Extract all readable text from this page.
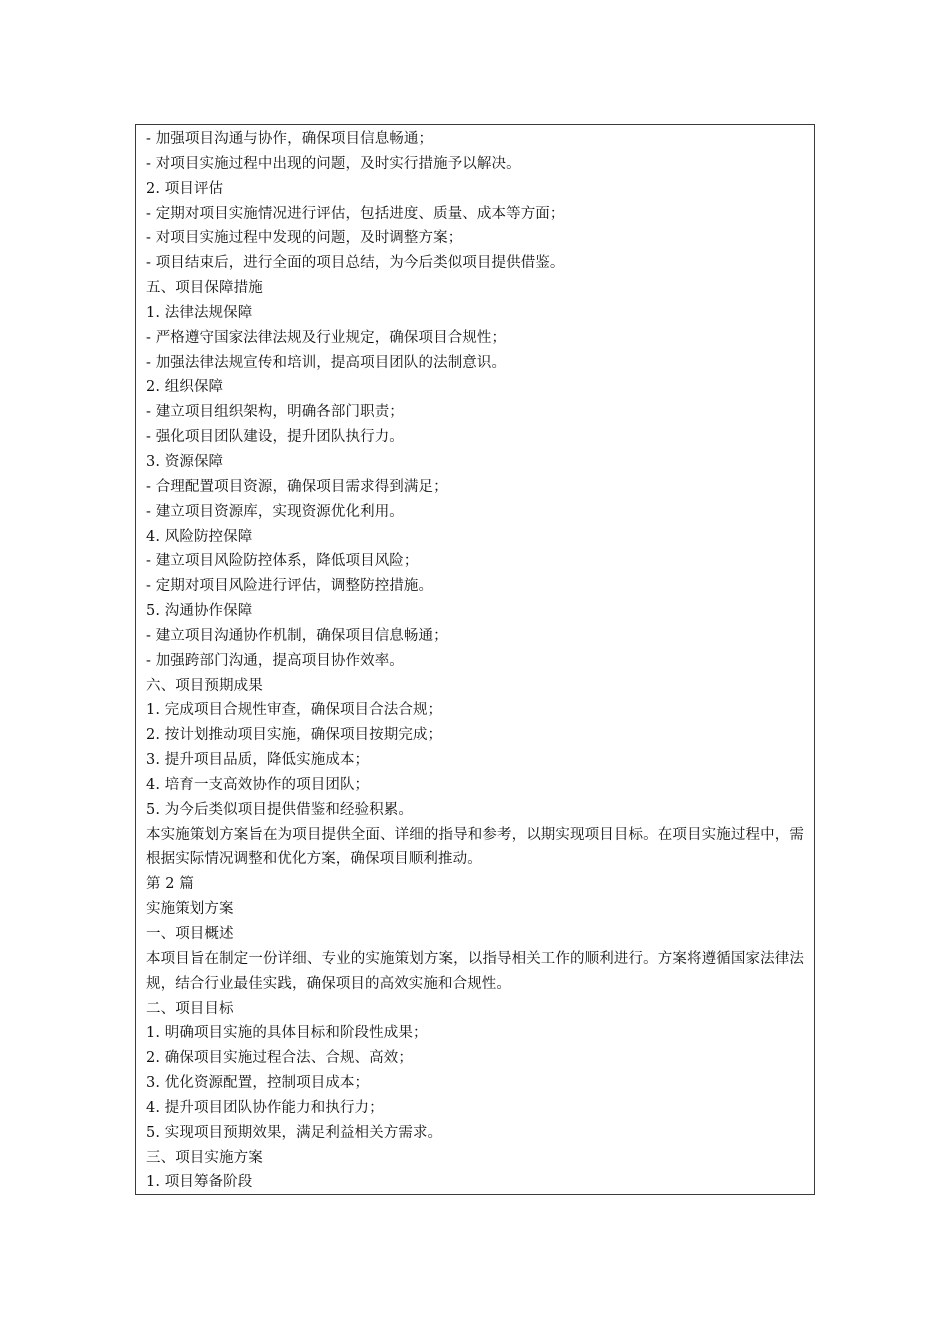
- 加强项目沟通与协作，确保项目信息畅通；
- 对项目实施过程中出现的问题，及时实行措施予以解决。
2. 项目评估
- 定期对项目实施情况进行评估，包括进度、质量、成本等方面；
- 对项目实施过程中发现的问题，及时调整方案；
- 项目结束后，进行全面的项目总结，为今后类似项目提供借鉴。
五、项目保障措施
1. 法律法规保障
- 严格遵守国家法律法规及行业规定，确保项目合规性；
- 加强法律法规宣传和培训，提高项目团队的法制意识。
2. 组织保障
- 建立项目组织架构，明确各部门职责；
- 强化项目团队建设，提升团队执行力。
3. 资源保障
- 合理配置项目资源，确保项目需求得到满足；
- 建立项目资源库，实现资源优化利用。
4. 风险防控保障
- 建立项目风险防控体系，降低项目风险；
- 定期对项目风险进行评估，调整防控措施。
5. 沟通协作保障
- 建立项目沟通协作机制，确保项目信息畅通；
- 加强跨部门沟通，提高项目协作效率。
六、项目预期成果
1. 完成项目合规性审查，确保项目合法合规；
2. 按计划推动项目实施，确保项目按期完成；
3. 提升项目品质，降低实施成本；
4. 培育一支高效协作的项目团队；
5. 为今后类似项目提供借鉴和经验积累。
本实施策划方案旨在为项目提供全面、详细的指导和参考，以期实现项目目标。在项目实施过程中，需根据实际情况调整和优化方案，确保项目顺利推动。
第 2 篇
实施策划方案
一、项目概述
本项目旨在制定一份详细、专业的实施策划方案，以指导相关工作的顺利进行。方案将遵循国家法律法规，结合行业最佳实践，确保项目的高效实施和合规性。
二、项目目标
1. 明确项目实施的具体目标和阶段性成果；
2. 确保项目实施过程合法、合规、高效；
3. 优化资源配置，控制项目成本；
4. 提升项目团队协作能力和执行力；
5. 实现项目预期效果，满足利益相关方需求。
三、项目实施方案
1. 项目筹备阶段
